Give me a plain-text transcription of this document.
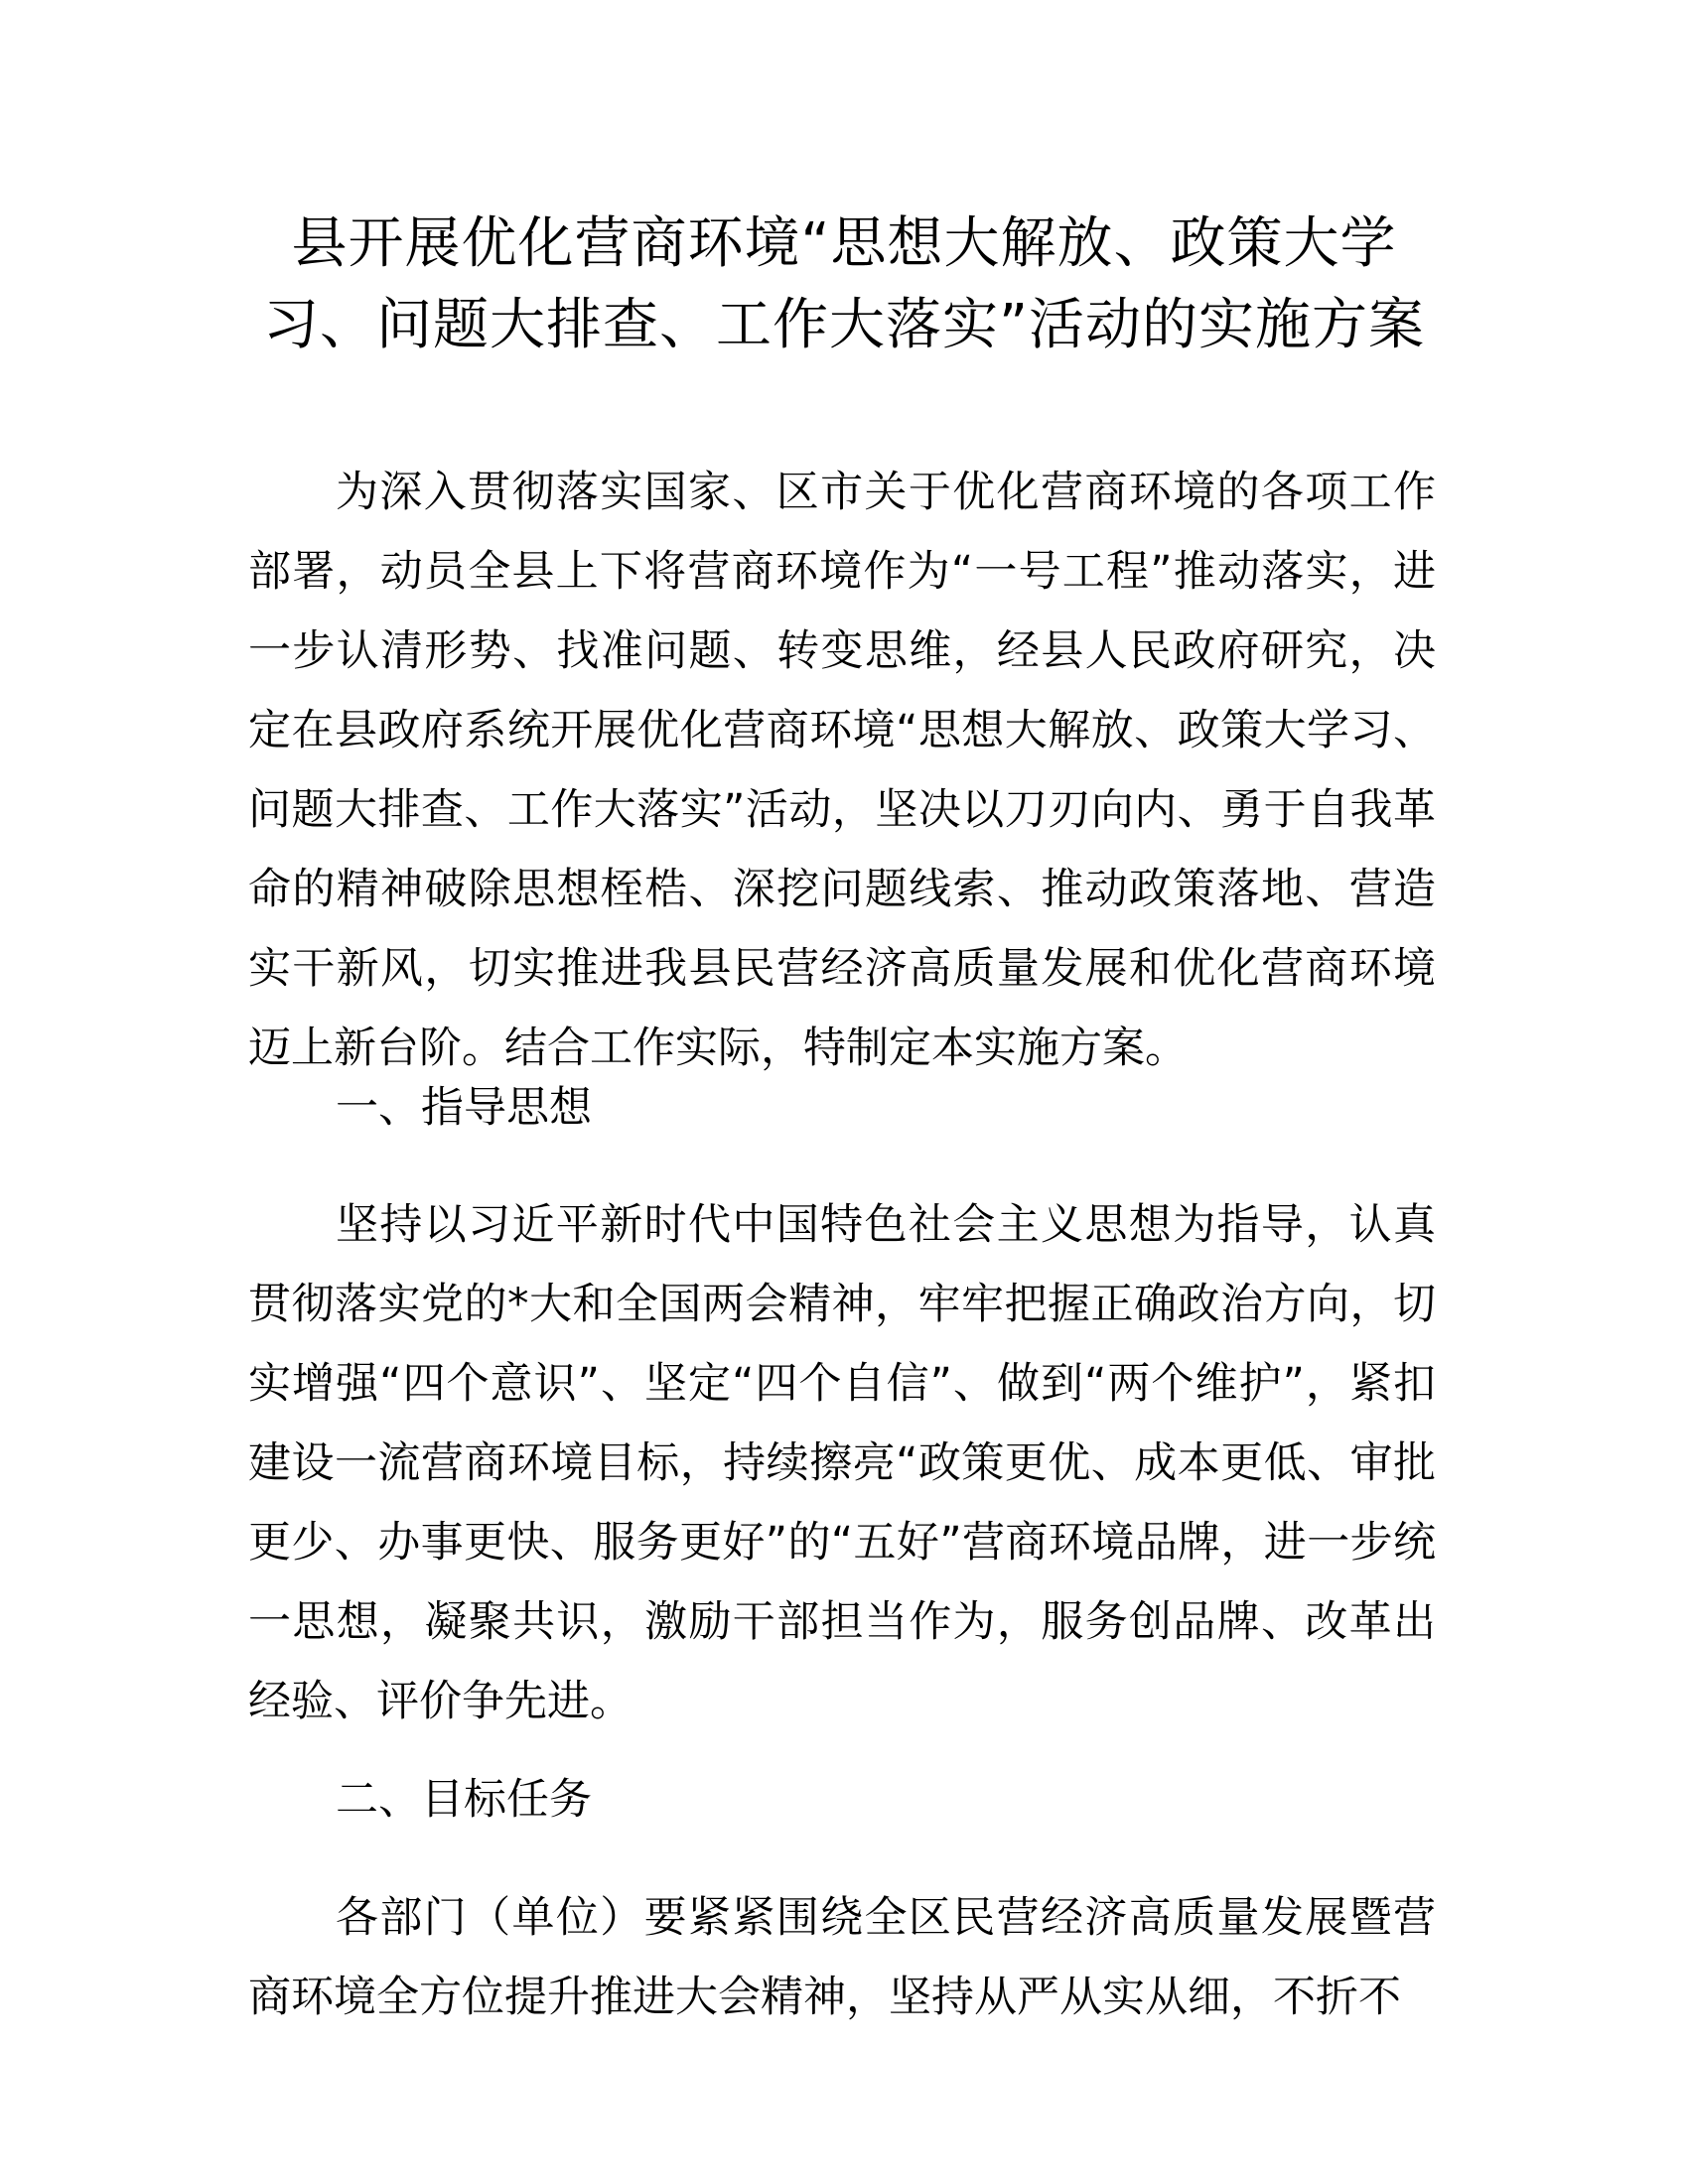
县开展优化营商环境“思想大解放、政策大学习、问题大排查、工作大落实”活动的实施方案

为深入贯彻落实国家、区市关于优化营商环境的各项工作部署，动员全县上下将营商环境作为“一号工程”推动落实，进一步认清形势、找准问题、转变思维，经县人民政府研究，决定在县政府系统开展优化营商环境“思想大解放、政策大学习、问题大排查、工作大落实”活动，坚决以刀刃向内、勇于自我革命的精神破除思想桎梏、深挖问题线索、推动政策落地、营造实干新风，切实推进我县民营经济高质量发展和优化营商环境迈上新台阶。结合工作实际，特制定本实施方案。

一、指导思想

坚持以习近平新时代中国特色社会主义思想为指导，认真贯彻落实党的*大和全国两会精神，牢牢把握正确政治方向，切实增强“四个意识”、坚定“四个自信”、做到“两个维护”，紧扣建设一流营商环境目标，持续擦亮“政策更优、成本更低、审批更少、办事更快、服务更好”的“五好”营商环境品牌，进一步统一思想，凝聚共识，激励干部担当作为，服务创品牌、改革出经验、评价争先进。

二、目标任务

各部门（单位）要紧紧围绕全区民营经济高质量发展暨营商环境全方位提升推进大会精神，坚持从严从实从细，不折不
